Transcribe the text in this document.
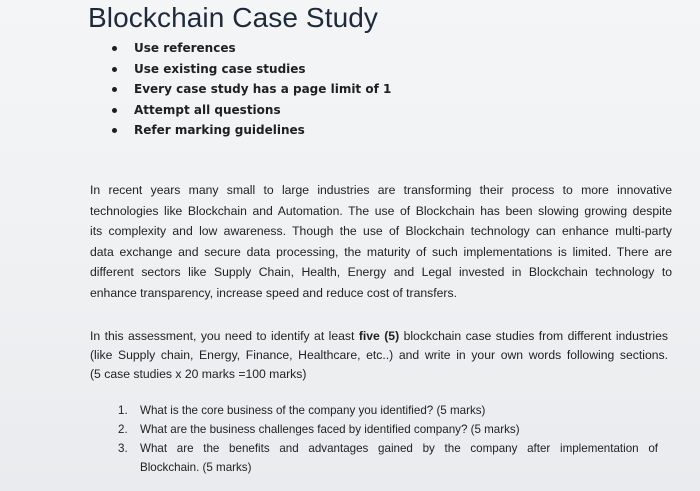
Blockchain Case Study
Use references
Use existing case studies
Every case study has a page limit of 1
Attempt all questions
Refer marking guidelines
In recent years many small to large industries are transforming their process to more innovative
technologies like Blockchain and Automation. The use of Blockchain has been slowing growing despite
its complexity and low awareness. Though the use of Blockchain technology can enhance multi-party
data exchange and secure data processing, the maturity of such implementations is limited. There are
different sectors like Supply Chain, Health, Energy and Legal invested in Blockchain technology to
enhance transparency, increase speed and reduce cost of transfers.
In this assessment, you need to identify at least five (5) blockchain case studies from different industries
(like Supply chain, Energy, Finance, Healthcare, etc..) and write in your own words following sections.
(5 case studies x 20 marks =100 marks)
1. What is the core business of the company you identified? (5 marks)
2. What are the business challenges faced by identified company? (5 marks)
3. What are the benefits and advantages gained by the company after implementation of
Blockchain. (5 marks)
